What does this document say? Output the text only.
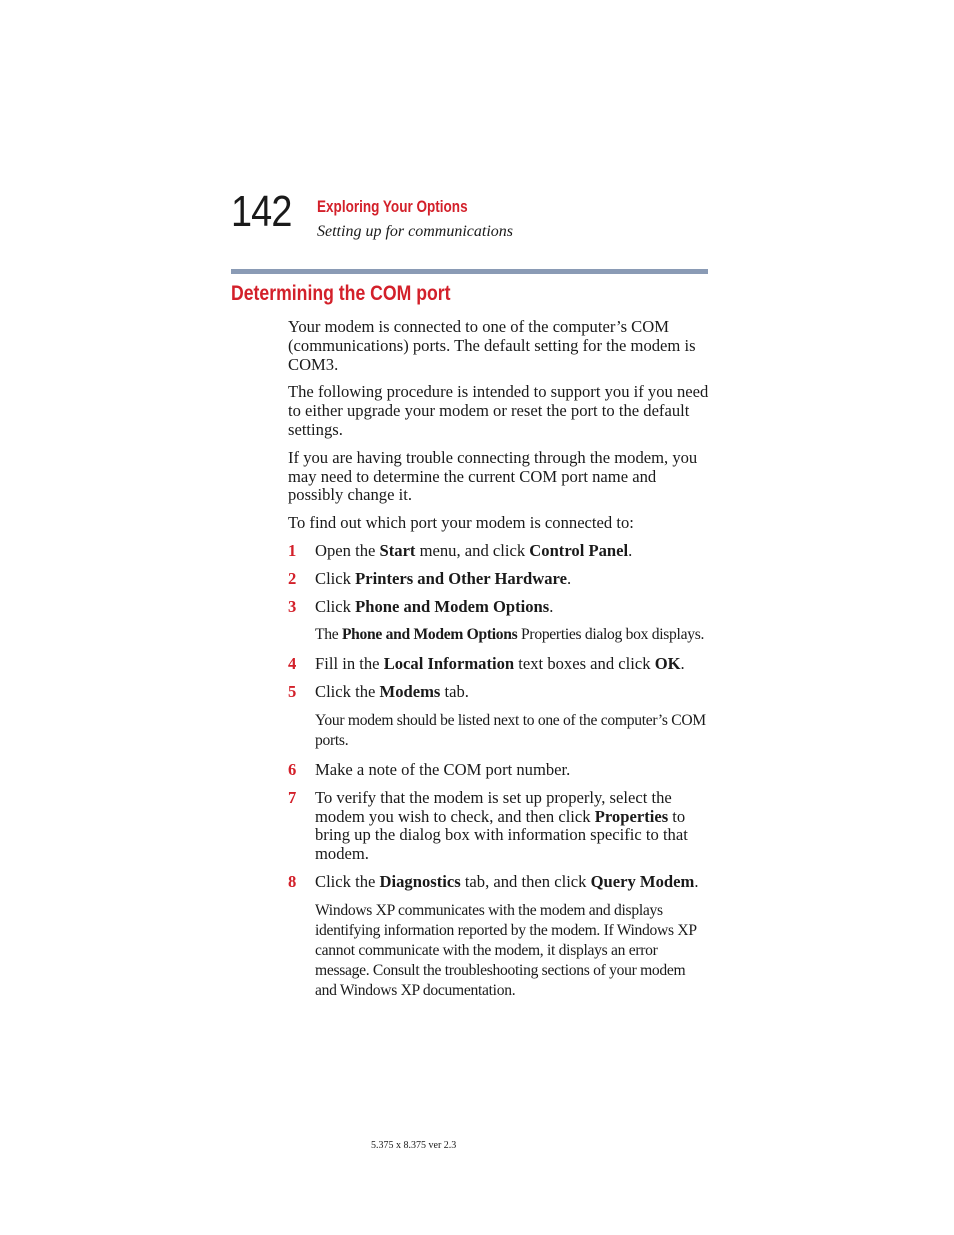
142 Exploring Your Options
Setting up for communications
Determining the COM port

Your modem is connected to one of the computer’s COM (communications) ports. The default setting for the modem is COM3.

The following procedure is intended to support you if you need to either upgrade your modem or reset the port to the default settings.

If you are having trouble connecting through the modem, you may need to determine the current COM port name and possibly change it.

To find out which port your modem is connected to:

1	Open the Start menu, and click Control Panel.
2	Click Printers and Other Hardware.
3	Click Phone and Modem Options.
The Phone and Modem Options Properties dialog box displays.
4	Fill in the Local Information text boxes and click OK.
5	Click the Modems tab.
Your modem should be listed next to one of the computer’s COM ports.
6	Make a note of the COM port number.
7	To verify that the modem is set up properly, select the modem you wish to check, and then click Properties to bring up the dialog box with information specific to that modem.
8	Click the Diagnostics tab, and then click Query Modem.
Windows XP communicates with the modem and displays identifying information reported by the modem. If Windows XP cannot communicate with the modem, it displays an error message. Consult the troubleshooting sections of your modem and Windows XP documentation.
5.375 x 8.375 ver 2.3
